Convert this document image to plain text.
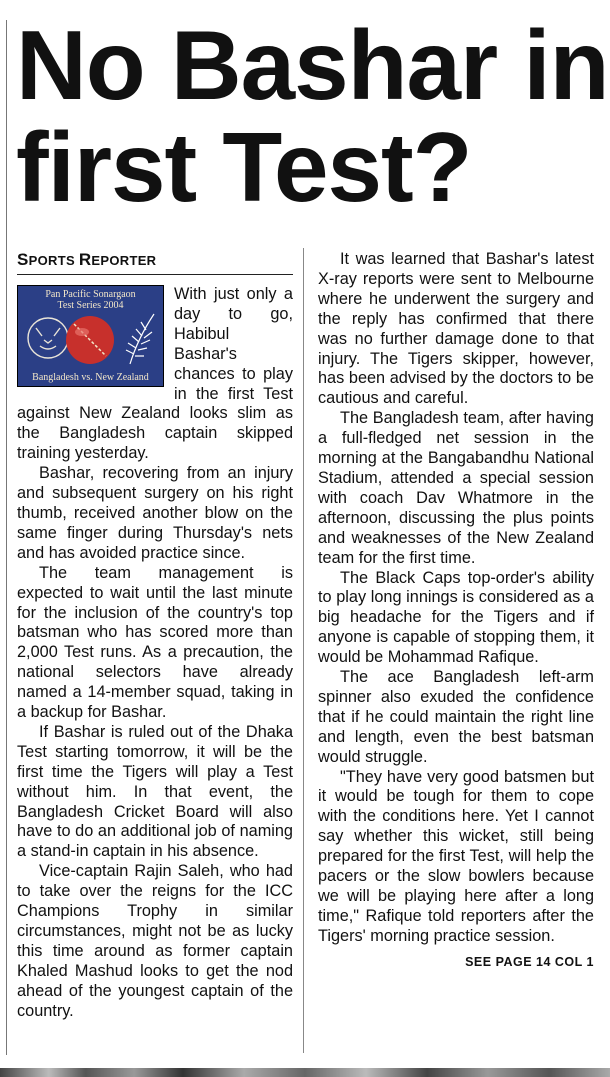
No Bashar in
first Test?
SPORTS REPORTER
Pan Pacific Sonargaon
Test Series 2004
Bangladesh vs. New Zealand

With just only a day to go, Habibul Bashar's chances to play in the first Test against New Zealand looks slim as the Bangladesh captain skipped training yesterday.

Bashar, recovering from an injury and subsequent surgery on his right thumb, received another blow on the same finger during Thursday's nets and has avoided practice since.

The team management is expected to wait until the last minute for the inclusion of the country's top batsman who has scored more than 2,000 Test runs. As a precaution, the national selectors have already named a 14-member squad, taking in a backup for Bashar.

If Bashar is ruled out of the Dhaka Test starting tomorrow, it will be the first time the Tigers will play a Test without him. In that event, the Bangladesh Cricket Board will also have to do an additional job of naming a stand-in captain in his absence.

Vice-captain Rajin Saleh, who had to take over the reigns for the ICC Champions Trophy in similar circumstances, might not be as lucky this time around as former captain Khaled Mashud looks to get the nod ahead of the youngest captain of the country.

It was learned that Bashar's latest X-ray reports were sent to Melbourne where he underwent the surgery and the reply has confirmed that there was no further damage done to that injury. The Tigers skipper, however, has been advised by the doctors to be cautious and careful.

The Bangladesh team, after having a full-fledged net session in the morning at the Bangabandhu National Stadium, attended a special session with coach Dav Whatmore in the afternoon, discussing the plus points and weaknesses of the New Zealand team for the first time.

The Black Caps top-order's ability to play long innings is considered as a big headache for the Tigers and if anyone is capable of stopping them, it would be Mohammad Rafique.

The ace Bangladesh left-arm spinner also exuded the confidence that if he could maintain the right line and length, even the best batsman would struggle.

"They have very good batsmen but it would be tough for them to cope with the conditions here. Yet I cannot say whether this wicket, still being prepared for the first Test, will help the pacers or the slow bowlers because we will be playing here after a long time," Rafique told reporters after the Tigers' morning practice session.

SEE PAGE 14 COL 1
